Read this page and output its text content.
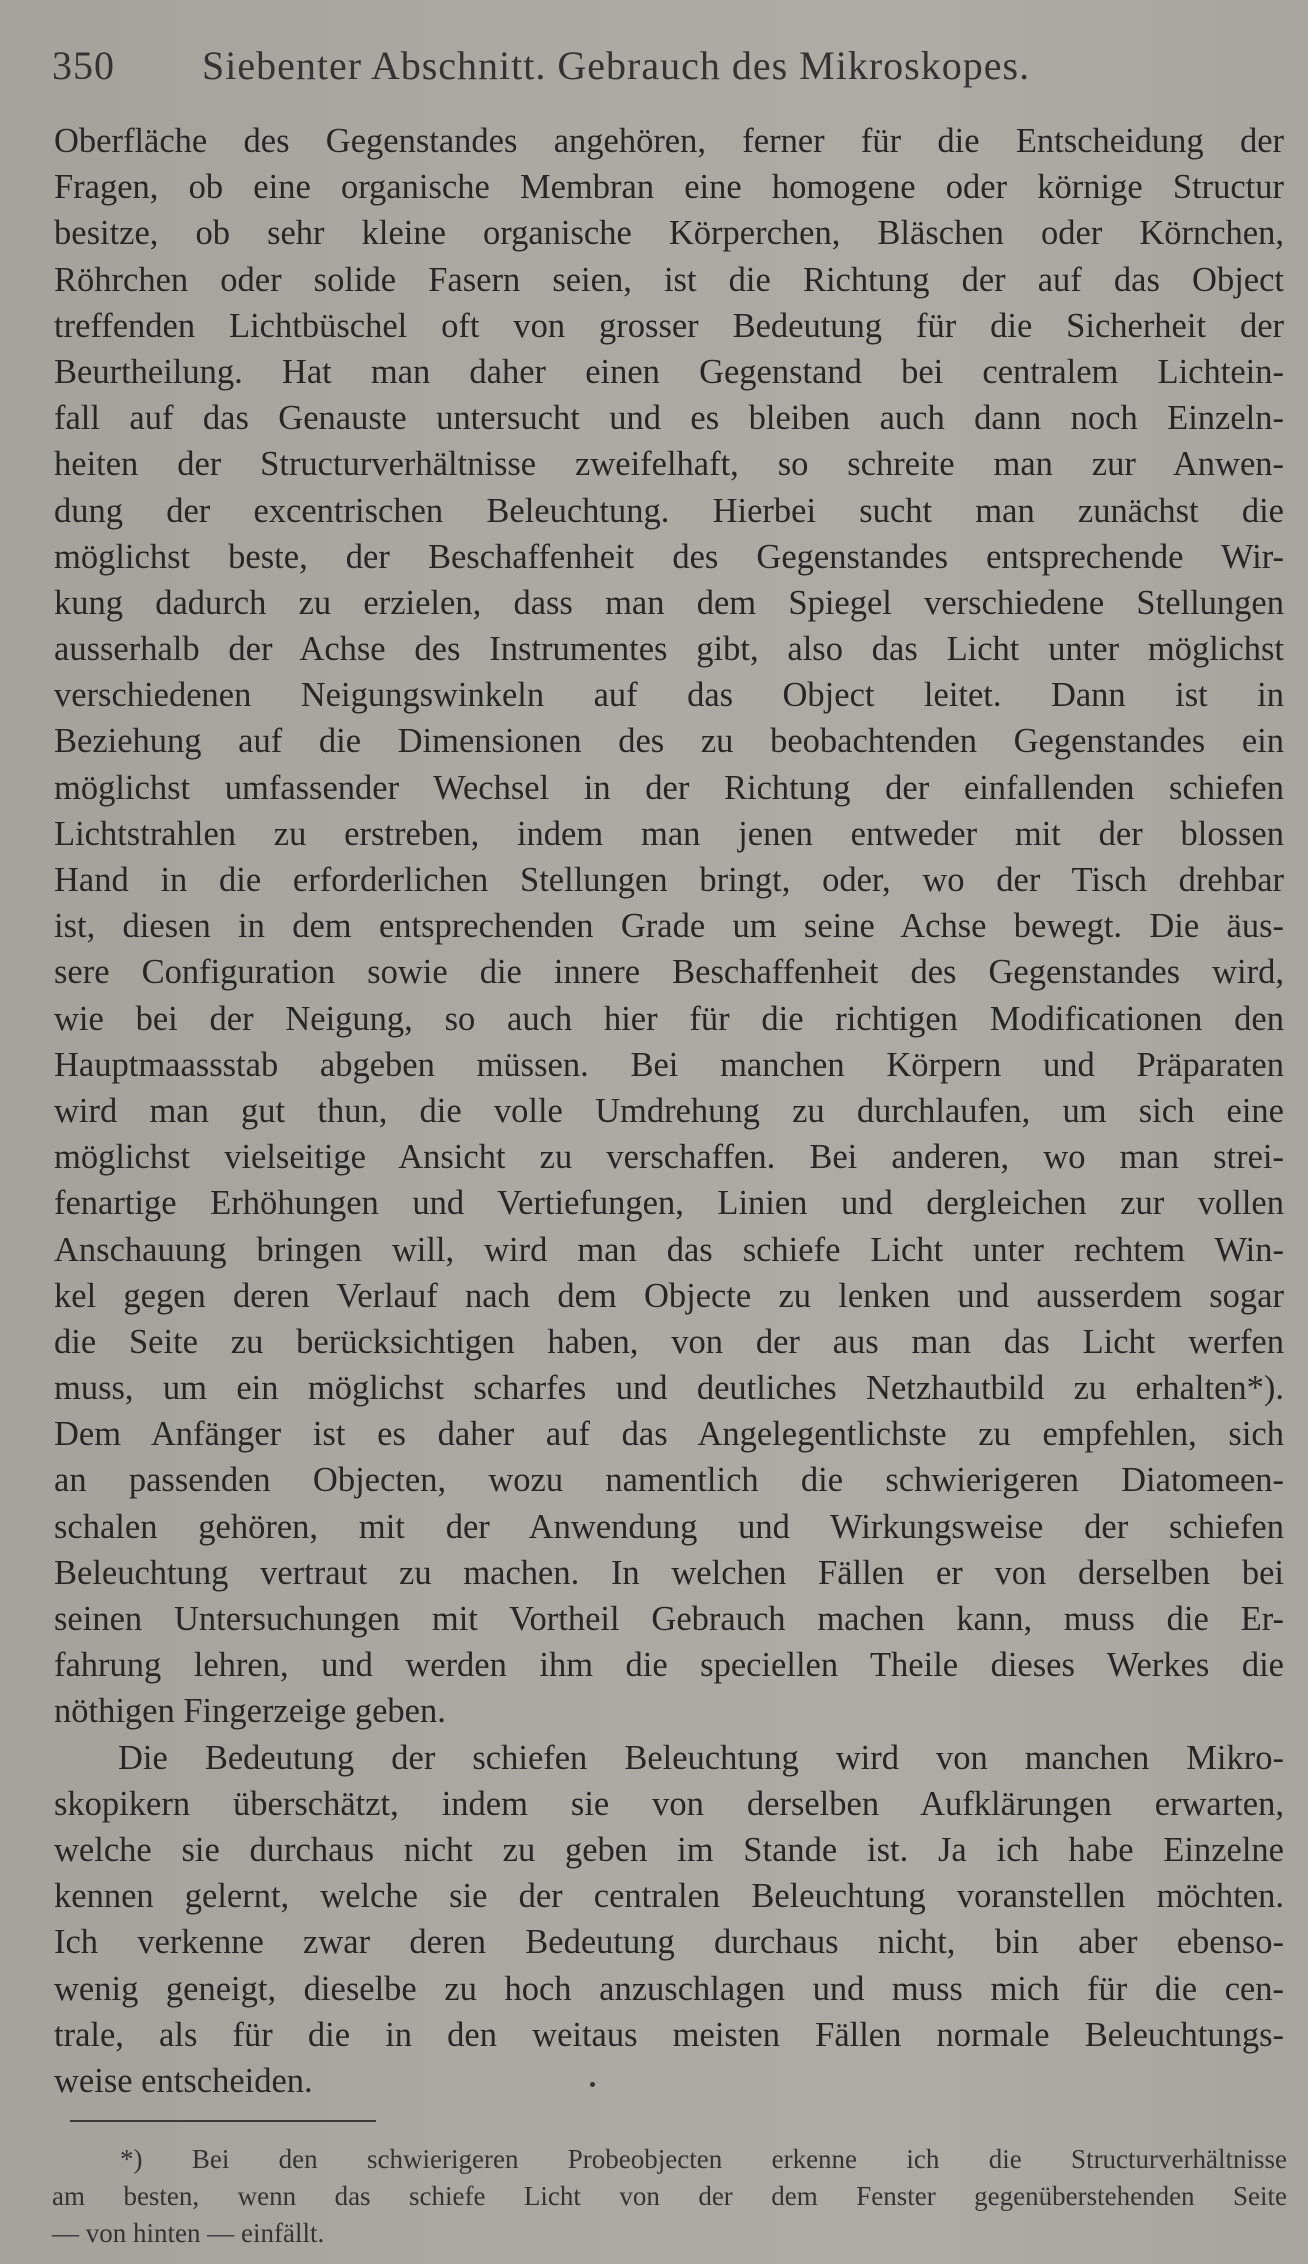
350 Siebenter Abschnitt. Gebrauch des Mikroskopes.
Oberfläche des Gegenstandes angehören, ferner für die Entscheidung der
Fragen, ob eine organische Membran eine homogene oder körnige Structur
besitze, ob sehr kleine organische Körperchen, Bläschen oder Körnchen,
Röhrchen oder solide Fasern seien, ist die Richtung der auf das Object
treffenden Lichtbüschel oft von grosser Bedeutung für die Sicherheit der
Beurtheilung. Hat man daher einen Gegenstand bei centralem Lichtein-
fall auf das Genauste untersucht und es bleiben auch dann noch Einzeln-
heiten der Structurverhältnisse zweifelhaft, so schreite man zur Anwen-
dung der excentrischen Beleuchtung. Hierbei sucht man zunächst die
möglichst beste, der Beschaffenheit des Gegenstandes entsprechende Wir-
kung dadurch zu erzielen, dass man dem Spiegel verschiedene Stellungen
ausserhalb der Achse des Instrumentes gibt, also das Licht unter möglichst
verschiedenen Neigungswinkeln auf das Object leitet. Dann ist in
Beziehung auf die Dimensionen des zu beobachtenden Gegenstandes ein
möglichst umfassender Wechsel in der Richtung der einfallenden schiefen
Lichtstrahlen zu erstreben, indem man jenen entweder mit der blossen
Hand in die erforderlichen Stellungen bringt, oder, wo der Tisch drehbar
ist, diesen in dem entsprechenden Grade um seine Achse bewegt. Die äus-
sere Configuration sowie die innere Beschaffenheit des Gegenstandes wird,
wie bei der Neigung, so auch hier für die richtigen Modificationen den
Hauptmaassstab abgeben müssen. Bei manchen Körpern und Präparaten
wird man gut thun, die volle Umdrehung zu durchlaufen, um sich eine
möglichst vielseitige Ansicht zu verschaffen. Bei anderen, wo man strei-
fenartige Erhöhungen und Vertiefungen, Linien und dergleichen zur vollen
Anschauung bringen will, wird man das schiefe Licht unter rechtem Win-
kel gegen deren Verlauf nach dem Objecte zu lenken und ausserdem sogar
die Seite zu berücksichtigen haben, von der aus man das Licht werfen
muss, um ein möglichst scharfes und deutliches Netzhautbild zu erhalten*).
Dem Anfänger ist es daher auf das Angelegentlichste zu empfehlen, sich
an passenden Objecten, wozu namentlich die schwierigeren Diatomeen-
schalen gehören, mit der Anwendung und Wirkungsweise der schiefen
Beleuchtung vertraut zu machen. In welchen Fällen er von derselben bei
seinen Untersuchungen mit Vortheil Gebrauch machen kann, muss die Er-
fahrung lehren, und werden ihm die speciellen Theile dieses Werkes die
nöthigen Fingerzeige geben.
Die Bedeutung der schiefen Beleuchtung wird von manchen Mikro-
skopikern überschätzt, indem sie von derselben Aufklärungen erwarten,
welche sie durchaus nicht zu geben im Stande ist. Ja ich habe Einzelne
kennen gelernt, welche sie der centralen Beleuchtung voranstellen möchten.
Ich verkenne zwar deren Bedeutung durchaus nicht, bin aber ebenso-
wenig geneigt, dieselbe zu hoch anzuschlagen und muss mich für die cen-
trale, als für die in den weitaus meisten Fällen normale Beleuchtungs-
weise entscheiden.
*) Bei den schwierigeren Probeobjecten erkenne ich die Structurverhältnisse
am besten, wenn das schiefe Licht von der dem Fenster gegenüberstehenden Seite
— von hinten — einfällt.
